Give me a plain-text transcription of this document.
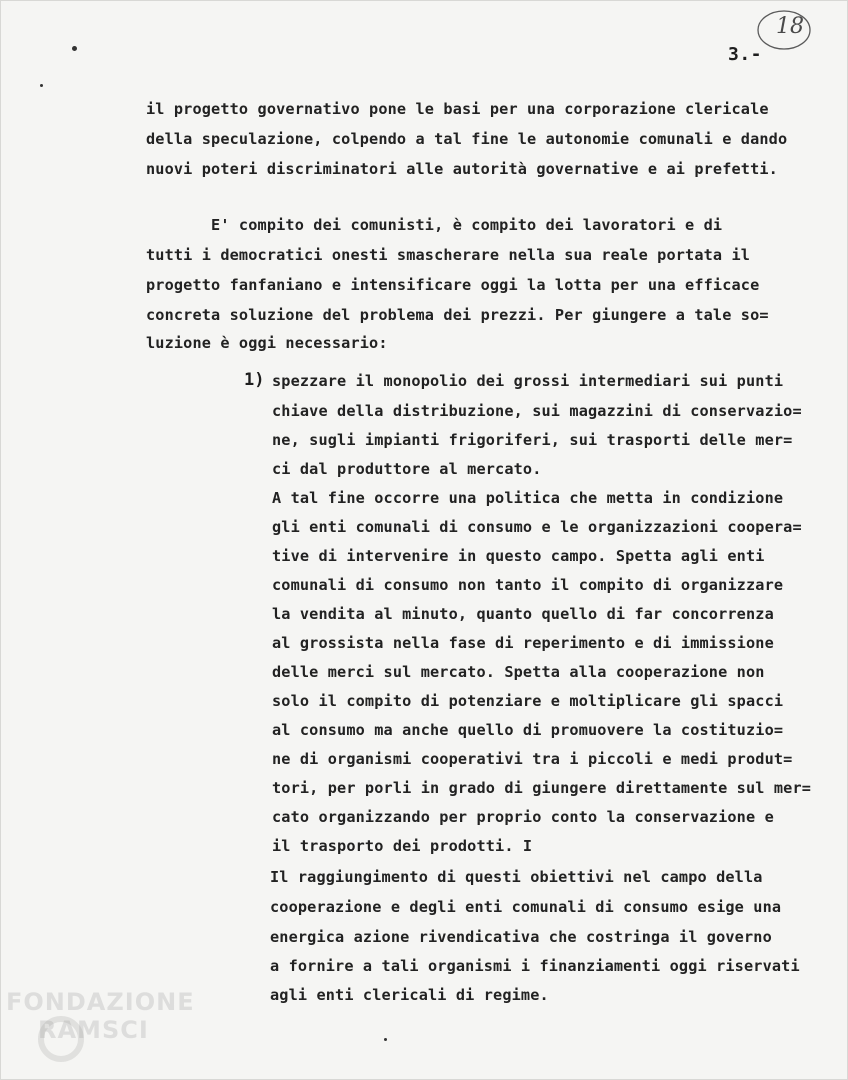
18
3.-
il progetto governativo pone le basi per una corporazione clericale
della speculazione, colpendo a tal fine le autonomie comunali e dando
nuovi poteri discriminatori alle autorità governative e ai prefetti.
E' compito dei comunisti, è compito dei lavoratori e di
tutti i democratici onesti smascherare nella sua reale portata il
progetto fanfaniano e intensificare oggi la lotta per una efficace
concreta soluzione del problema dei prezzi. Per giungere a tale so=
luzione è oggi necessario:
1) spezzare il monopolio dei grossi intermediari sui punti
chiave della distribuzione, sui magazzini di conservazio=
ne, sugli impianti frigoriferi, sui trasporti delle mer=
ci dal produttore al mercato.
A tal fine occorre una politica che metta in condizione
gli enti comunali di consumo e le organizzazioni coopera=
tive di intervenire in questo campo. Spetta agli enti
comunali di consumo non tanto il compito di organizzare
la vendita al minuto, quanto quello di far concorrenza
al grossista nella fase di reperimento e di immissione
delle merci sul mercato. Spetta alla cooperazione non
solo il compito di potenziare e moltiplicare gli spacci
al consumo ma anche quello di promuovere la costituzio=
ne di organismi cooperativi tra i piccoli e medi produt=
tori, per porli in grado di giungere direttamente sul mer=
cato organizzando per proprio conto la conservazione e
il trasporto dei prodotti. I
Il raggiungimento di questi obiettivi nel campo della
cooperazione e degli enti comunali di consumo esige una
energica azione rivendicativa che costringa il governo
a fornire a tali organismi i finanziamenti oggi riservati
agli enti clericali di regime.
FONDAZIONE
RAMSCI
